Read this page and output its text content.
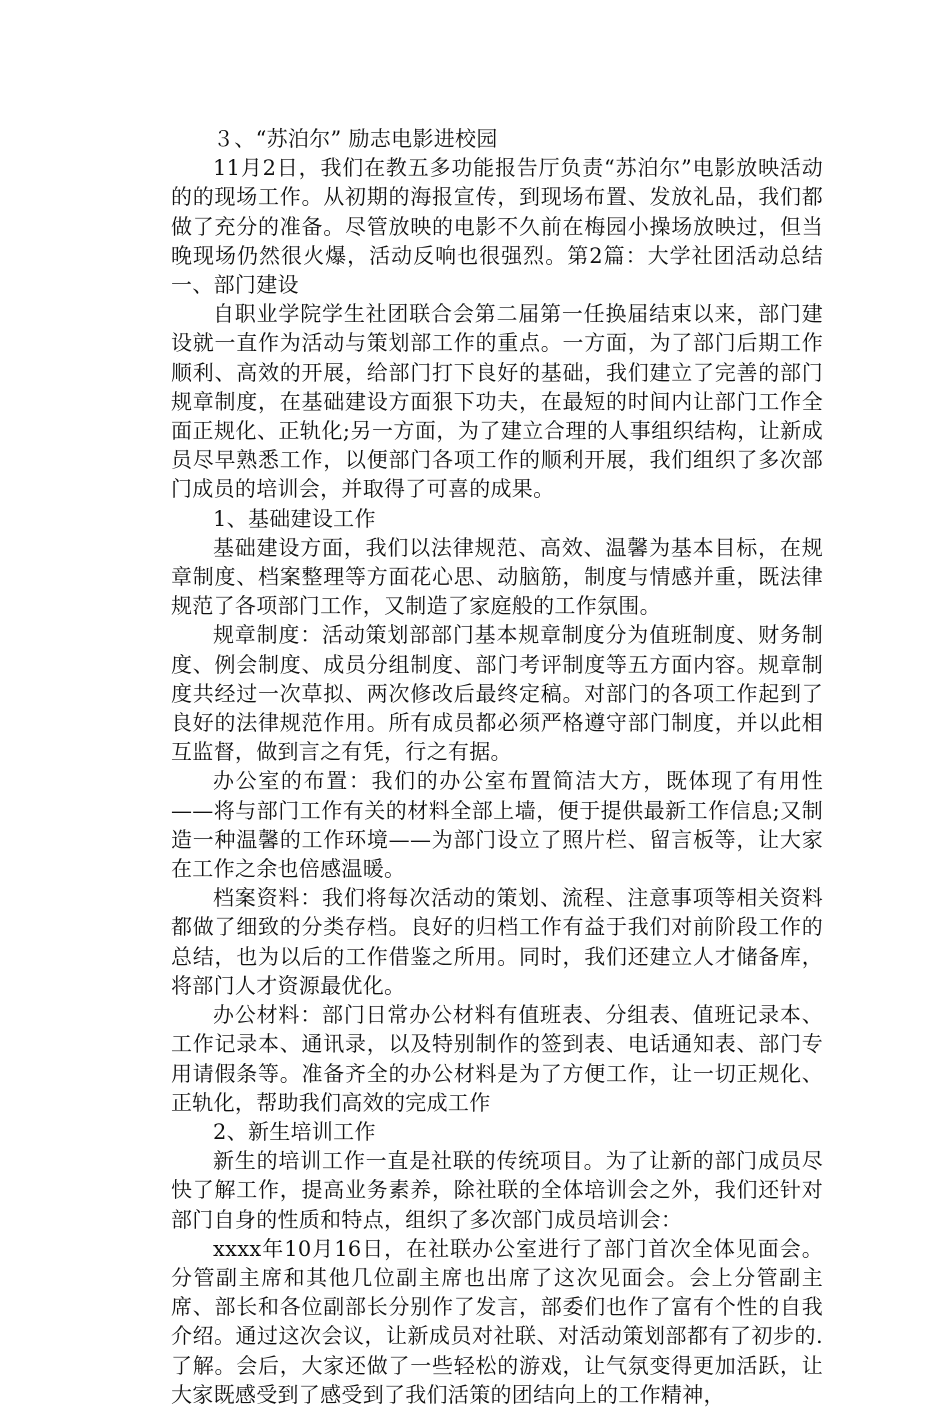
３、“苏泊尔” 励志电影进校园

11月2日，我们在教五多功能报告厅负责“苏泊尔”电影放映活动的的现场工作。从初期的海报宣传，到现场布置、发放礼品，我们都做了充分的准备。尽管放映的电影不久前在梅园小操场放映过，但当晚现场仍然很火爆，活动反响也很强烈。第2篇：大学社团活动总结一、部门建设

自职业学院学生社团联合会第二届第一任换届结束以来，部门建设就一直作为活动与策划部工作的重点。一方面，为了部门后期工作顺利、高效的开展，给部门打下良好的基础，我们建立了完善的部门规章制度，在基础建设方面狠下功夫，在最短的时间内让部门工作全面正规化、正轨化;另一方面，为了建立合理的人事组织结构，让新成员尽早熟悉工作，以便部门各项工作的顺利开展，我们组织了多次部门成员的培训会，并取得了可喜的成果。

1、基础建设工作

基础建设方面，我们以法律规范、高效、温馨为基本目标，在规章制度、档案整理等方面花心思、动脑筋，制度与情感并重，既法律规范了各项部门工作，又制造了家庭般的工作氛围。

规章制度：活动策划部部门基本规章制度分为值班制度、财务制度、例会制度、成员分组制度、部门考评制度等五方面内容。规章制度共经过一次草拟、两次修改后最终定稿。对部门的各项工作起到了良好的法律规范作用。所有成员都必须严格遵守部门制度，并以此相互监督，做到言之有凭，行之有据。

办公室的布置：我们的办公室布置简洁大方，既体现了有用性——将与部门工作有关的材料全部上墙，便于提供最新工作信息;又制造一种温馨的工作环境——为部门设立了照片栏、留言板等，让大家在工作之余也倍感温暖。

档案资料：我们将每次活动的策划、流程、注意事项等相关资料都做了细致的分类存档。良好的归档工作有益于我们对前阶段工作的总结，也为以后的工作借鉴之所用。同时，我们还建立人才储备库，将部门人才资源最优化。

办公材料：部门日常办公材料有值班表、分组表、值班记录本、工作记录本、通讯录，以及特别制作的签到表、电话通知表、部门专用请假条等。准备齐全的办公材料是为了方便工作，让一切正规化、正轨化，帮助我们高效的完成工作

2、新生培训工作

新生的培训工作一直是社联的传统项目。为了让新的部门成员尽快了解工作，提高业务素养，除社联的全体培训会之外，我们还针对部门自身的性质和特点，组织了多次部门成员培训会：

xxxx年10月16日，在社联办公室进行了部门首次全体见面会。分管副主席和其他几位副主席也出席了这次见面会。会上分管副主席、部长和各位副部长分别作了发言，部委们也作了富有个性的自我介绍。通过这次会议，让新成员对社联、对活动策划部都有了初步的.了解。会后，大家还做了一些轻松的游戏，让气氛变得更加活跃，让大家既感受到了感受到了我们活策的团结向上的工作精神，
